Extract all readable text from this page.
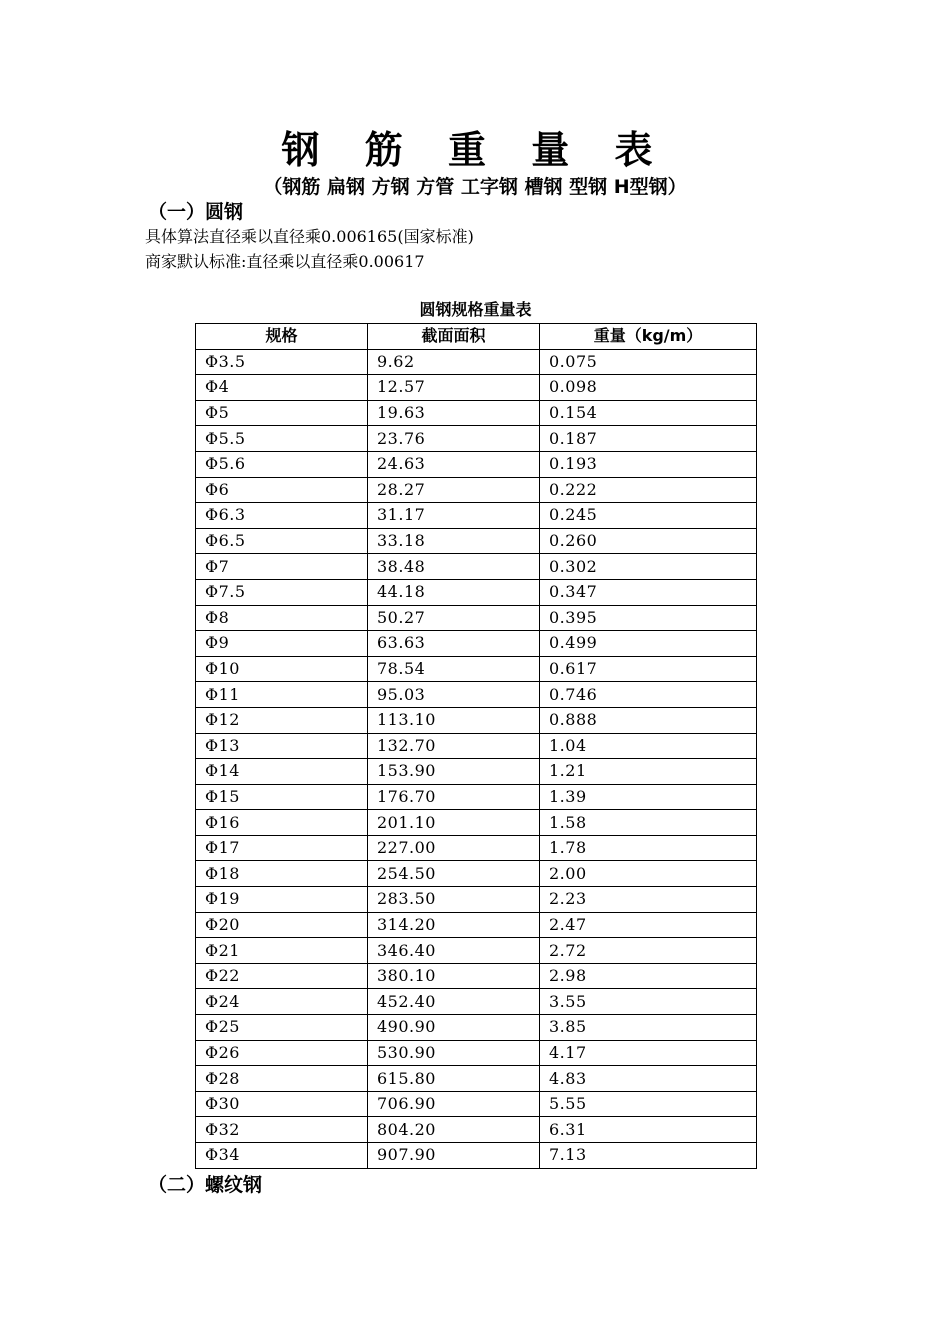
钢 筋 重 量 表
（钢筋 扁钢 方钢 方管 工字钢 槽钢 型钢 H型钢）
（一）圆钢
具体算法直径乘以直径乘0.006165(国家标准)
商家默认标准:直径乘以直径乘0.00617
圆钢规格重量表
规格	截面面积	重量（kg/m）
Φ3.5	9.62	0.075
Φ4	12.57	0.098
Φ5	19.63	0.154
Φ5.5	23.76	0.187
Φ5.6	24.63	0.193
Φ6	28.27	0.222
Φ6.3	31.17	0.245
Φ6.5	33.18	0.260
Φ7	38.48	0.302
Φ7.5	44.18	0.347
Φ8	50.27	0.395
Φ9	63.63	0.499
Φ10	78.54	0.617
Φ11	95.03	0.746
Φ12	113.10	0.888
Φ13	132.70	1.04
Φ14	153.90	1.21
Φ15	176.70	1.39
Φ16	201.10	1.58
Φ17	227.00	1.78
Φ18	254.50	2.00
Φ19	283.50	2.23
Φ20	314.20	2.47
Φ21	346.40	2.72
Φ22	380.10	2.98
Φ24	452.40	3.55
Φ25	490.90	3.85
Φ26	530.90	4.17
Φ28	615.80	4.83
Φ30	706.90	5.55
Φ32	804.20	6.31
Φ34	907.90	7.13
（二）螺纹钢
